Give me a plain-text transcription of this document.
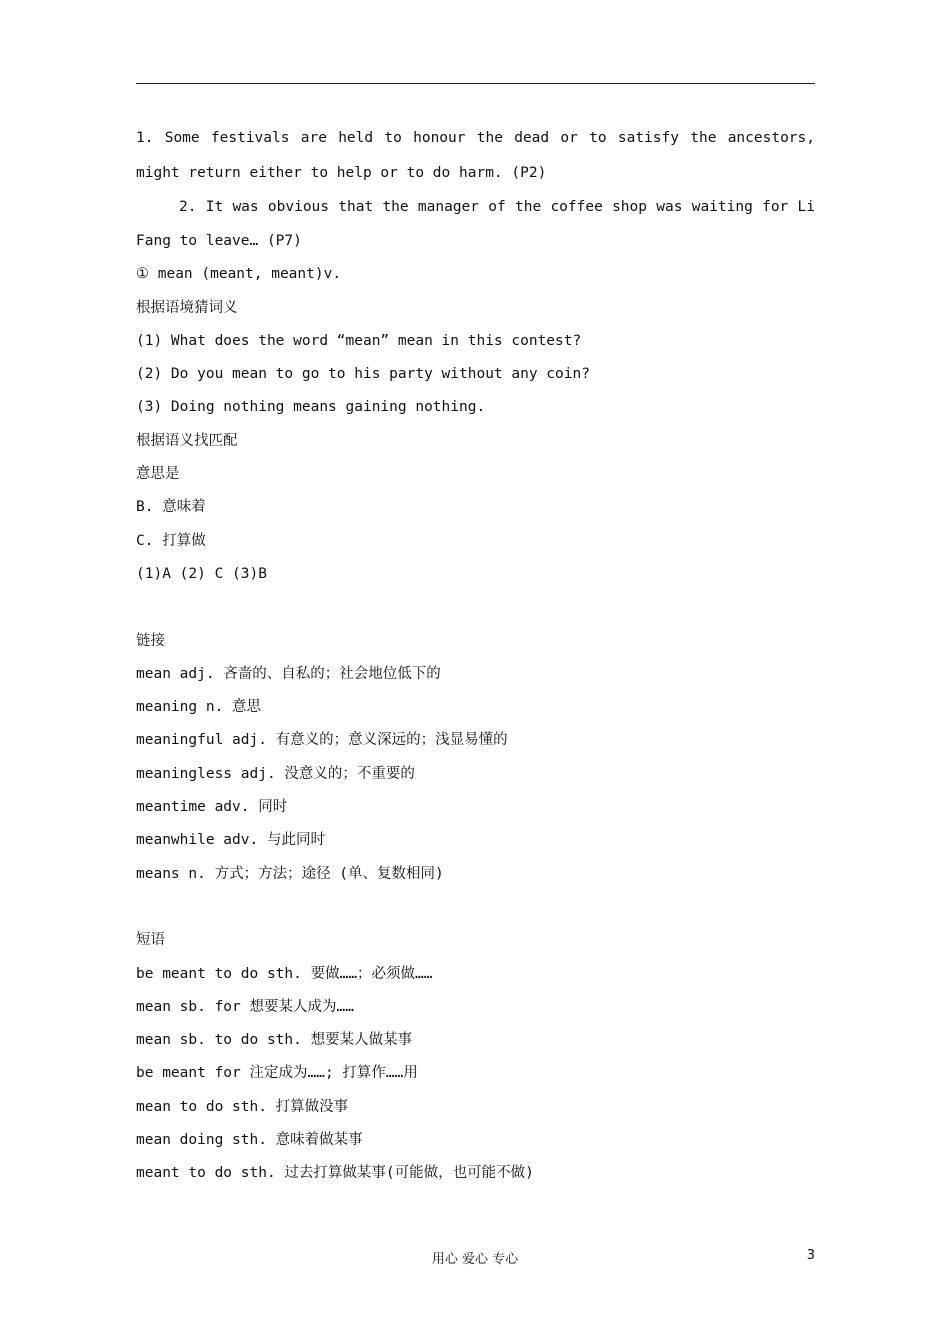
1. Some festivals are held to honour the dead or to satisfy the ancestors,
might return either to help or to do harm. (P2)
2. It was obvious that the manager of the coffee shop was waiting for Li
Fang to leave… (P7)
① mean (meant, meant)v.
根据语境猜词义
(1) What does the word “mean” mean in this contest?
(2) Do you mean to go to his party without any coin?
(3) Doing nothing means gaining nothing.
根据语义找匹配
意思是
B. 意味着
C. 打算做
(1)A (2) C (3)B
链接
mean adj. 吝啬的、自私的；社会地位低下的
meaning n. 意思
meaningful adj. 有意义的；意义深远的；浅显易懂的
meaningless adj. 没意义的；不重要的
meantime adv. 同时
meanwhile adv. 与此同时
means n. 方式；方法；途径 (单、复数相同)
短语
be meant to do sth. 要做……；必须做……
mean sb. for 想要某人成为……
mean sb. to do sth. 想要某人做某事
be meant for 注定成为……; 打算作……用
mean to do sth. 打算做没事
mean doing sth. 意味着做某事
meant to do sth. 过去打算做某事(可能做，也可能不做)
用心 爱心 专心	3
